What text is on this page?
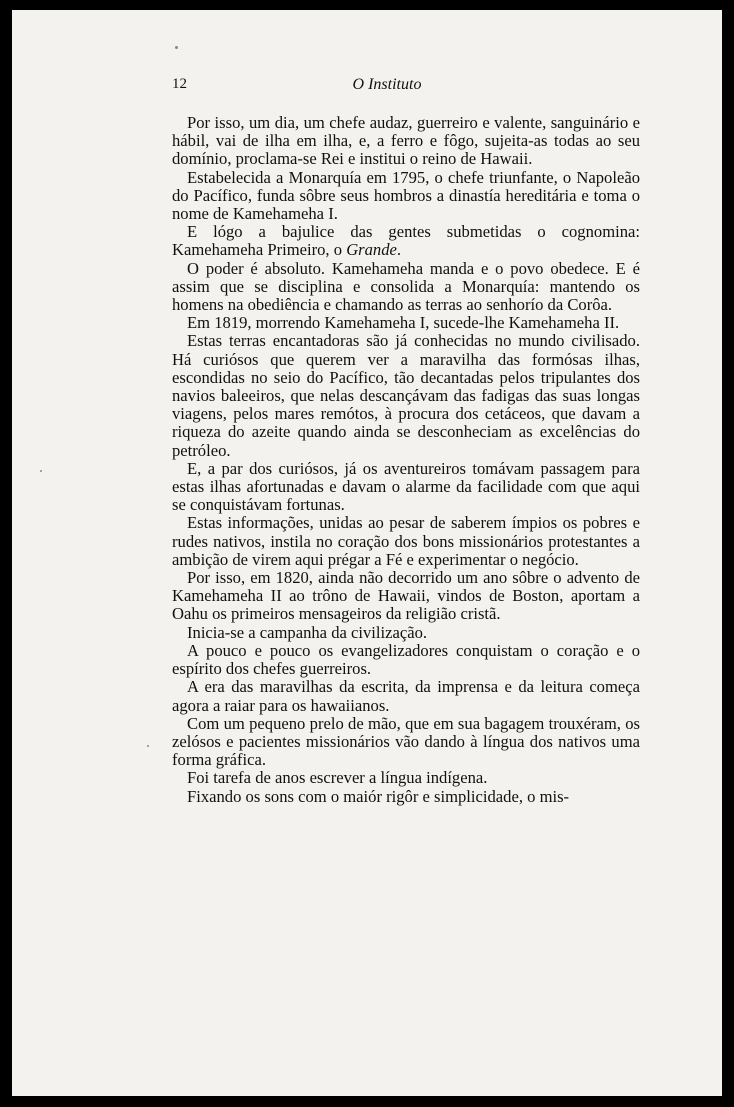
12	O Instituto

Por isso, um dia, um chefe audaz, guerreiro e valente, sanguinário e hábil, vai de ilha em ilha, e, a ferro e fôgo, sujeita-as todas ao seu domínio, proclama-se Rei e institui o reino de Hawaii.

Estabelecida a Monarquía em 1795, o chefe triunfante, o Napoleão do Pacífico, funda sôbre seus hombros a dinastía hereditária e toma o nome de Kamehameha I.

E lógo a bajulice das gentes submetidas o cognomina: Kamehameha Primeiro, o Grande.

O poder é absoluto. Kamehameha manda e o povo obedece. E é assim que se disciplina e consolida a Monarquía: mantendo os homens na obediência e chamando as terras ao senhorío da Corôa.

Em 1819, morrendo Kamehameha I, sucede-lhe Kamehameha II.

Estas terras encantadoras são já conhecidas no mundo civilisado. Há curiósos que querem ver a maravilha das formósas ilhas, escondidas no seio do Pacífico, tão decantadas pelos tripulantes dos navios baleeiros, que nelas descançávam das fadigas das suas longas viagens, pelos mares remótos, à procura dos cetáceos, que davam a riqueza do azeite quando ainda se desconheciam as excelências do petróleo.

E, a par dos curiósos, já os aventureiros tomávam passagem para estas ilhas afortunadas e davam o alarme da facilidade com que aqui se conquistávam fortunas.

Estas informações, unidas ao pesar de saberem ímpios os pobres e rudes nativos, instila no coração dos bons missionários protestantes a ambição de virem aqui prégar a Fé e experimentar o negócio.

Por isso, em 1820, ainda não decorrido um ano sôbre o advento de Kamehameha II ao trôno de Hawaii, vindos de Boston, aportam a Oahu os primeiros mensageiros da religião cristã.

Inicia-se a campanha da civilização.

A pouco e pouco os evangelizadores conquistam o coração e o espírito dos chefes guerreiros.

A era das maravilhas da escrita, da imprensa e da leitura começa agora a raiar para os hawaiianos.

Com um pequeno prelo de mão, que em sua bagagem trouxéram, os zelósos e pacientes missionários vão dando à língua dos nativos uma forma gráfica.

Foi tarefa de anos escrever a língua indígena.

Fixando os sons com o maiór rigôr e simplicidade, o mis-
